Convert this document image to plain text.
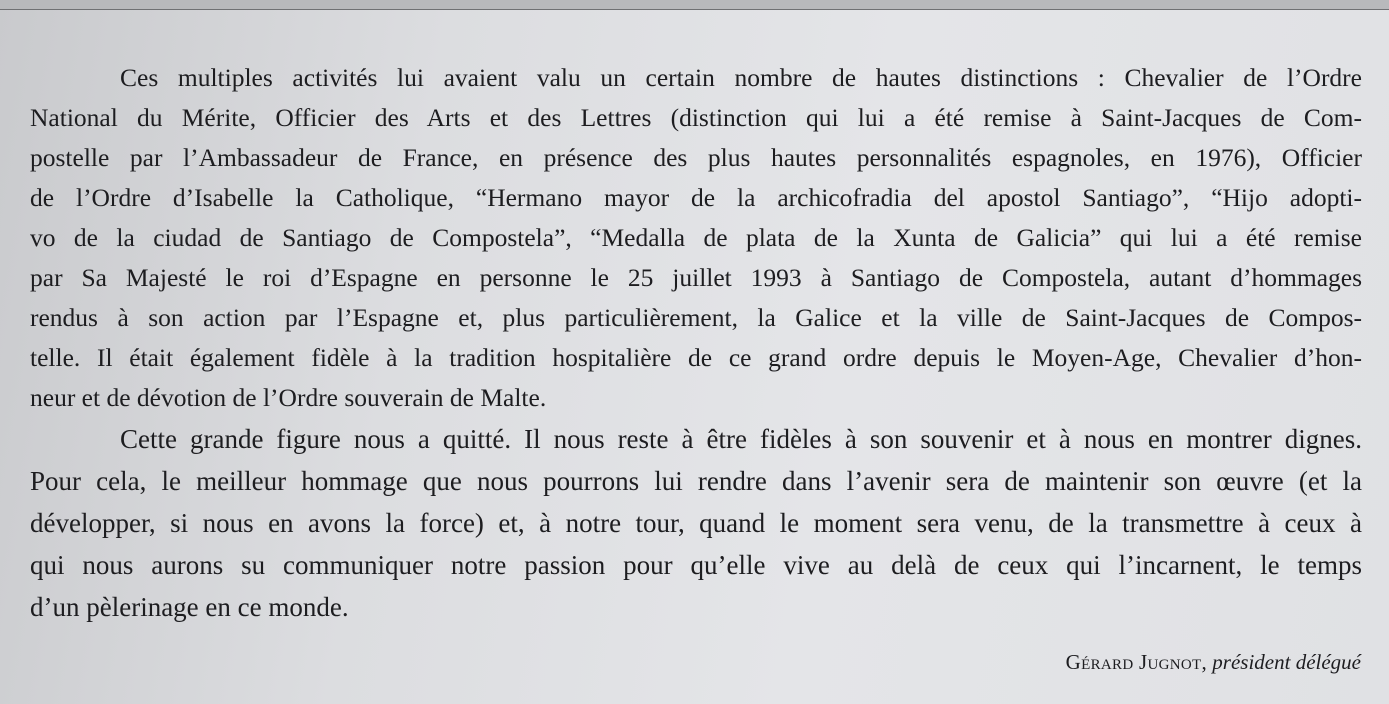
Ces multiples activités lui avaient valu un certain nombre de hautes distinctions : Chevalier de l’Ordre
National du Mérite, Officier des Arts et des Lettres (distinction qui lui a été remise à Saint-Jacques de Com-
postelle par l’Ambassadeur de France, en présence des plus hautes personnalités espagnoles, en 1976), Officier
de l’Ordre d’Isabelle la Catholique, “Hermano mayor de la archicofradia del apostol Santiago”, “Hijo adopti-
vo de la ciudad de Santiago de Compostela”, “Medalla de plata de la Xunta de Galicia” qui lui a été remise
par Sa Majesté le roi d’Espagne en personne le 25 juillet 1993 à Santiago de Compostela, autant d’hommages
rendus à son action par l’Espagne et, plus particulièrement, la Galice et la ville de Saint-Jacques de Compos-
telle. Il était également fidèle à la tradition hospitalière de ce grand ordre depuis le Moyen-Age, Chevalier d’hon-
neur et de dévotion de l’Ordre souverain de Malte.
Cette grande figure nous a quitté. Il nous reste à être fidèles à son souvenir et à nous en montrer dignes.
Pour cela, le meilleur hommage que nous pourrons lui rendre dans l’avenir sera de maintenir son œuvre (et la
développer, si nous en avons la force) et, à notre tour, quand le moment sera venu, de la transmettre à ceux à
qui nous aurons su communiquer notre passion pour qu’elle vive au delà de ceux qui l’incarnent, le temps
d’un pèlerinage en ce monde.
Gérard Jugnot, président délégué
